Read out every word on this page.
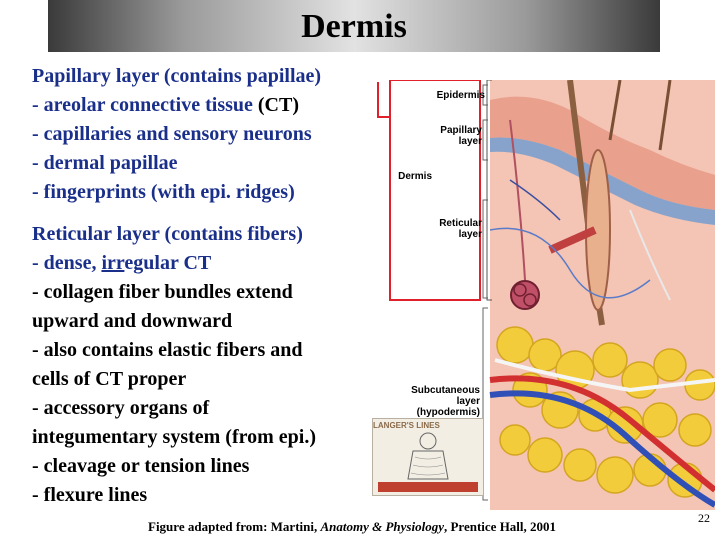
Dermis
Papillary layer (contains papillae)
- areolar connective tissue (CT)
- capillaries and sensory neurons
- dermal papillae
- fingerprints (with epi. ridges)
Reticular layer (contains fibers)
- dense, irregular CT
- collagen fiber bundles extend
upward and downward
- also contains elastic fibers and
cells of CT proper
- accessory organs of
integumentary system (from epi.)
- cleavage or tension lines
- flexure lines
Epidermis
Papillary
layer
Dermis
Reticular
layer
Subcutaneous
layer
(hypodermis)
LANGER'S LINES
Figure adapted from: Martini, Anatomy & Physiology, Prentice Hall, 2001
22
